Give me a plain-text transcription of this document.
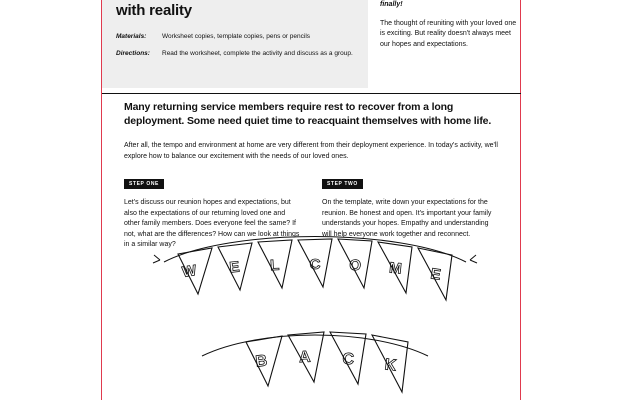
with reality
Materials:	Worksheet copies, template copies, pens or pencils
Directions:	Read the worksheet, complete the activity and discuss as a group.

finally!

The thought of reuniting with your loved one is exciting. But reality doesn't always meet our hopes and expectations.

Many returning service members require rest to recover from a long deployment. Some need quiet time to reacquaint themselves with home life.

After all, the tempo and environment at home are very different from their deployment experience. In today's activity, we'll explore how to balance our excitement with the needs of our loved ones.

STEP ONE

Let's discuss our reunion hopes and expectations, but also the expectations of our returning loved one and other family members. Does everyone feel the same? If not, what are the differences? How can we look at things in a similar way?

STEP TWO

On the template, write down your expectations for the reunion. Be honest and open. It's important your family understands your hopes. Empathy and understanding will help everyone work together and reconnect.

W E L C O M E
B A C K
